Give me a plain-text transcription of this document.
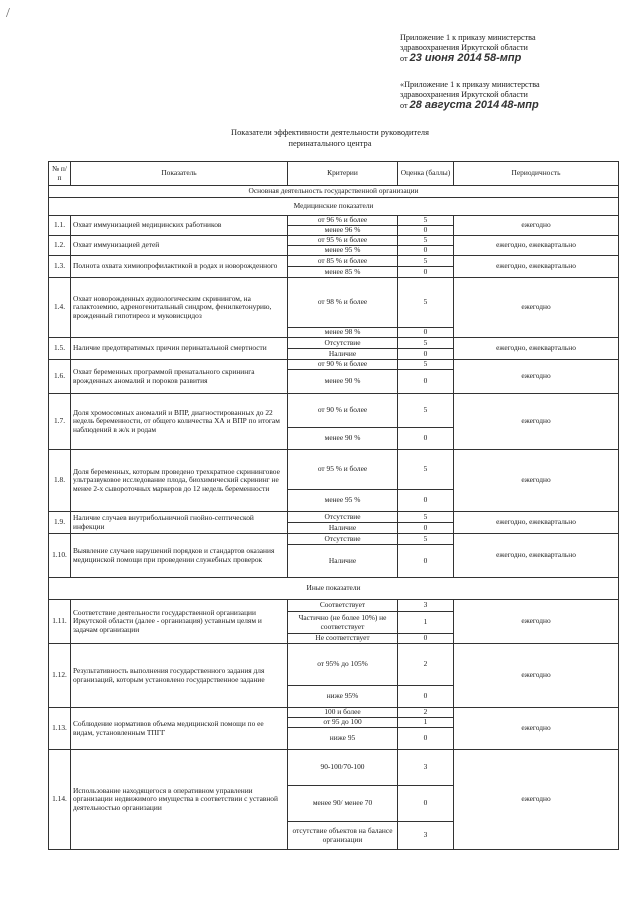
/
Приложение 1 к приказу министерства
здравоохранения Иркутской области
от 23 июня 2014 58-мпр
«Приложение 1 к приказу министерства
здравоохранения Иркутской области
от 28 августа 2014 48-мпр
Показатели эффективности деятельности руководителя
перинатального центра
№ п/п	Показатель	Критерии	Оценка (баллы)	Периодичность
Основная деятельность государственной организации				
Медицинские показатели				
1.1.	Охват иммунизацией медицинских работников	от 96 % и более	5	ежегодно
		менее 96 %	0	
1.2.	Охват иммунизацией детей	от 95 % и более	5	ежегодно, ежеквартально
		менее 95 %	0	
1.3.	Полнота охвата химиопрофилактикой в родах и новорожденного	от 85 % и более	5	ежегодно, ежеквартально
		менее 85 %	0	
1.4.	Охват новорожденных аудиологическим скринингом, на галактоземию, адреногенитальный синдром, фенилкетонурию, врожденный гипотиреоз и муковисцидоз	от 98 % и более	5	ежегодно
		менее 98 %	0	
1.5.	Наличие предотвратимых причин перинатальной смертности	Отсутствие	5	ежегодно, ежеквартально
		Наличие	0	
1.6.	Охват беременных программой пренатального скрининга врожденных аномалий и пороков развития	от 90 % и более	5	ежегодно
		менее 90 %	0	
1.7.	Доля хромосомных аномалий и ВПР, диагностированных до 22 недель беременности, от общего количества ХА и ВПР по итогам наблюдений в ж/к и родам	от 90 % и более	5	ежегодно
		менее 90 %	0	
1.8.	Доля беременных, которым проведено трехкратное скрининговое ультразвуковое исследование плода, биохимический скрининг не менее 2-х сывороточных маркеров до 12 недель беременности	от 95 % и более	5	ежегодно
		менее 95 %	0	
1.9.	Наличие случаев внутрибольничной гнойно-септической инфекции	Отсутствие	5	ежегодно, ежеквартально
		Наличие	0	
1.10.	Выявление случаев нарушений порядков и стандартов оказания медицинской помощи при проведении служебных проверок	Отсутствие	5	ежегодно, ежеквартально
		Наличие	0	
Иные показатели				
1.11.	Соответствие деятельности государственной организации Иркутской области (далее - организация) уставным целям и задачам организации	Соответствует	3	ежегодно
		Частично (не более 10%) не соответствует	1	
		Не соответствует	0	
1.12.	Результативность выполнения государственного задания для организаций, которым установлено государственное задание	от 95% до 105%	2	ежегодно
		ниже 95%	0	
1.13.	Соблюдение нормативов объема медицинской помощи по ее видам, установленным ТПГГ	100 и более	2	ежегодно
		от 95 до 100	1	
		ниже 95	0	
1.14.	Использование находящегося в оперативном управлении организации недвижимого имущества в соответствии с уставной деятельностью организации	90-100/70-100	3	ежегодно
		менее 90/ менее 70	0	
		отсутствие объектов на балансе организации	3	
